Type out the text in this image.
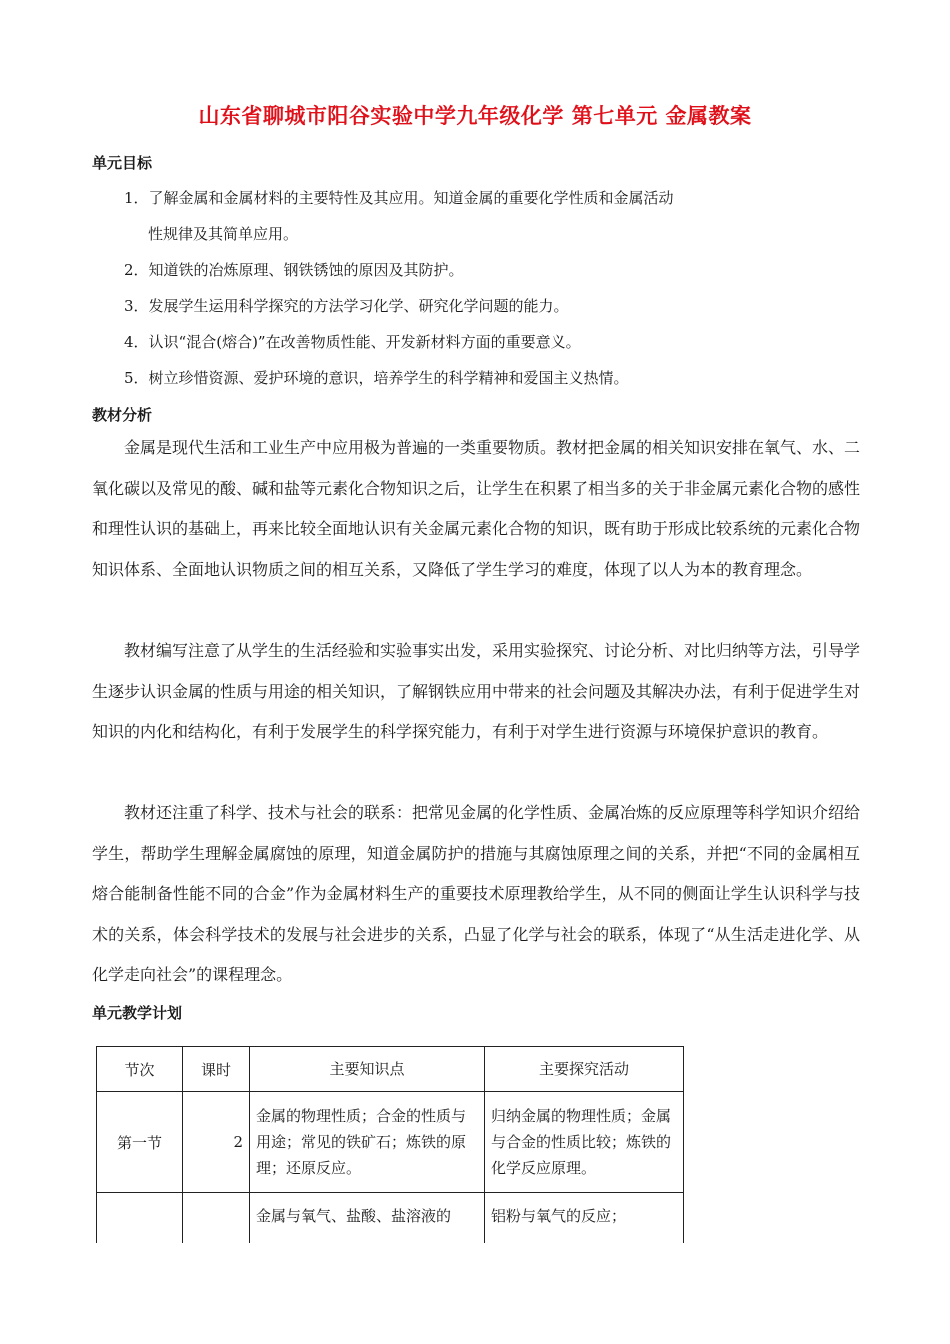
山东省聊城市阳谷实验中学九年级化学 第七单元 金属教案
单元目标
1．了解金属和金属材料的主要特性及其应用。知道金属的重要化学性质和金属活动
性规律及其简单应用。
2．知道铁的冶炼原理、钢铁锈蚀的原因及其防护。
3．发展学生运用科学探究的方法学习化学、研究化学问题的能力。
4．认识“混合(熔合)”在改善物质性能、开发新材料方面的重要意义。
5．树立珍惜资源、爱护环境的意识，培养学生的科学精神和爱国主义热情。
教材分析

金属是现代生活和工业生产中应用极为普遍的一类重要物质。教材把金属的相关知识安排在氧气、水、二氧化碳以及常见的酸、碱和盐等元素化合物知识之后，让学生在积累了相当多的关于非金属元素化合物的感性和理性认识的基础上，再来比较全面地认识有关金属元素化合物的知识，既有助于形成比较系统的元素化合物知识体系、全面地认识物质之间的相互关系，又降低了学生学习的难度，体现了以人为本的教育理念。

教材编写注意了从学生的生活经验和实验事实出发，采用实验探究、讨论分析、对比归纳等方法，引导学生逐步认识金属的性质与用途的相关知识，了解钢铁应用中带来的社会问题及其解决办法，有利于促进学生对知识的内化和结构化，有利于发展学生的科学探究能力，有利于对学生进行资源与环境保护意识的教育。

教材还注重了科学、技术与社会的联系：把常见金属的化学性质、金属冶炼的反应原理等科学知识介绍给学生，帮助学生理解金属腐蚀的原理，知道金属防护的措施与其腐蚀原理之间的关系，并把“不同的金属相互熔合能制备性能不同的合金”作为金属材料生产的重要技术原理教给学生，从不同的侧面让学生认识科学与技术的关系，体会科学技术的发展与社会进步的关系，凸显了化学与社会的联系，体现了“从生活走进化学、从化学走向社会”的课程理念。

单元教学计划
节次	课时	主要知识点	主要探究活动
第一节	2	金属的物理性质；合金的性质与用途；常见的铁矿石；炼铁的原理；还原反应。	归纳金属的物理性质；金属与合金的性质比较；炼铁的化学反应原理。
		金属与氧气、盐酸、盐溶液的	铝粉与氧气的反应；
